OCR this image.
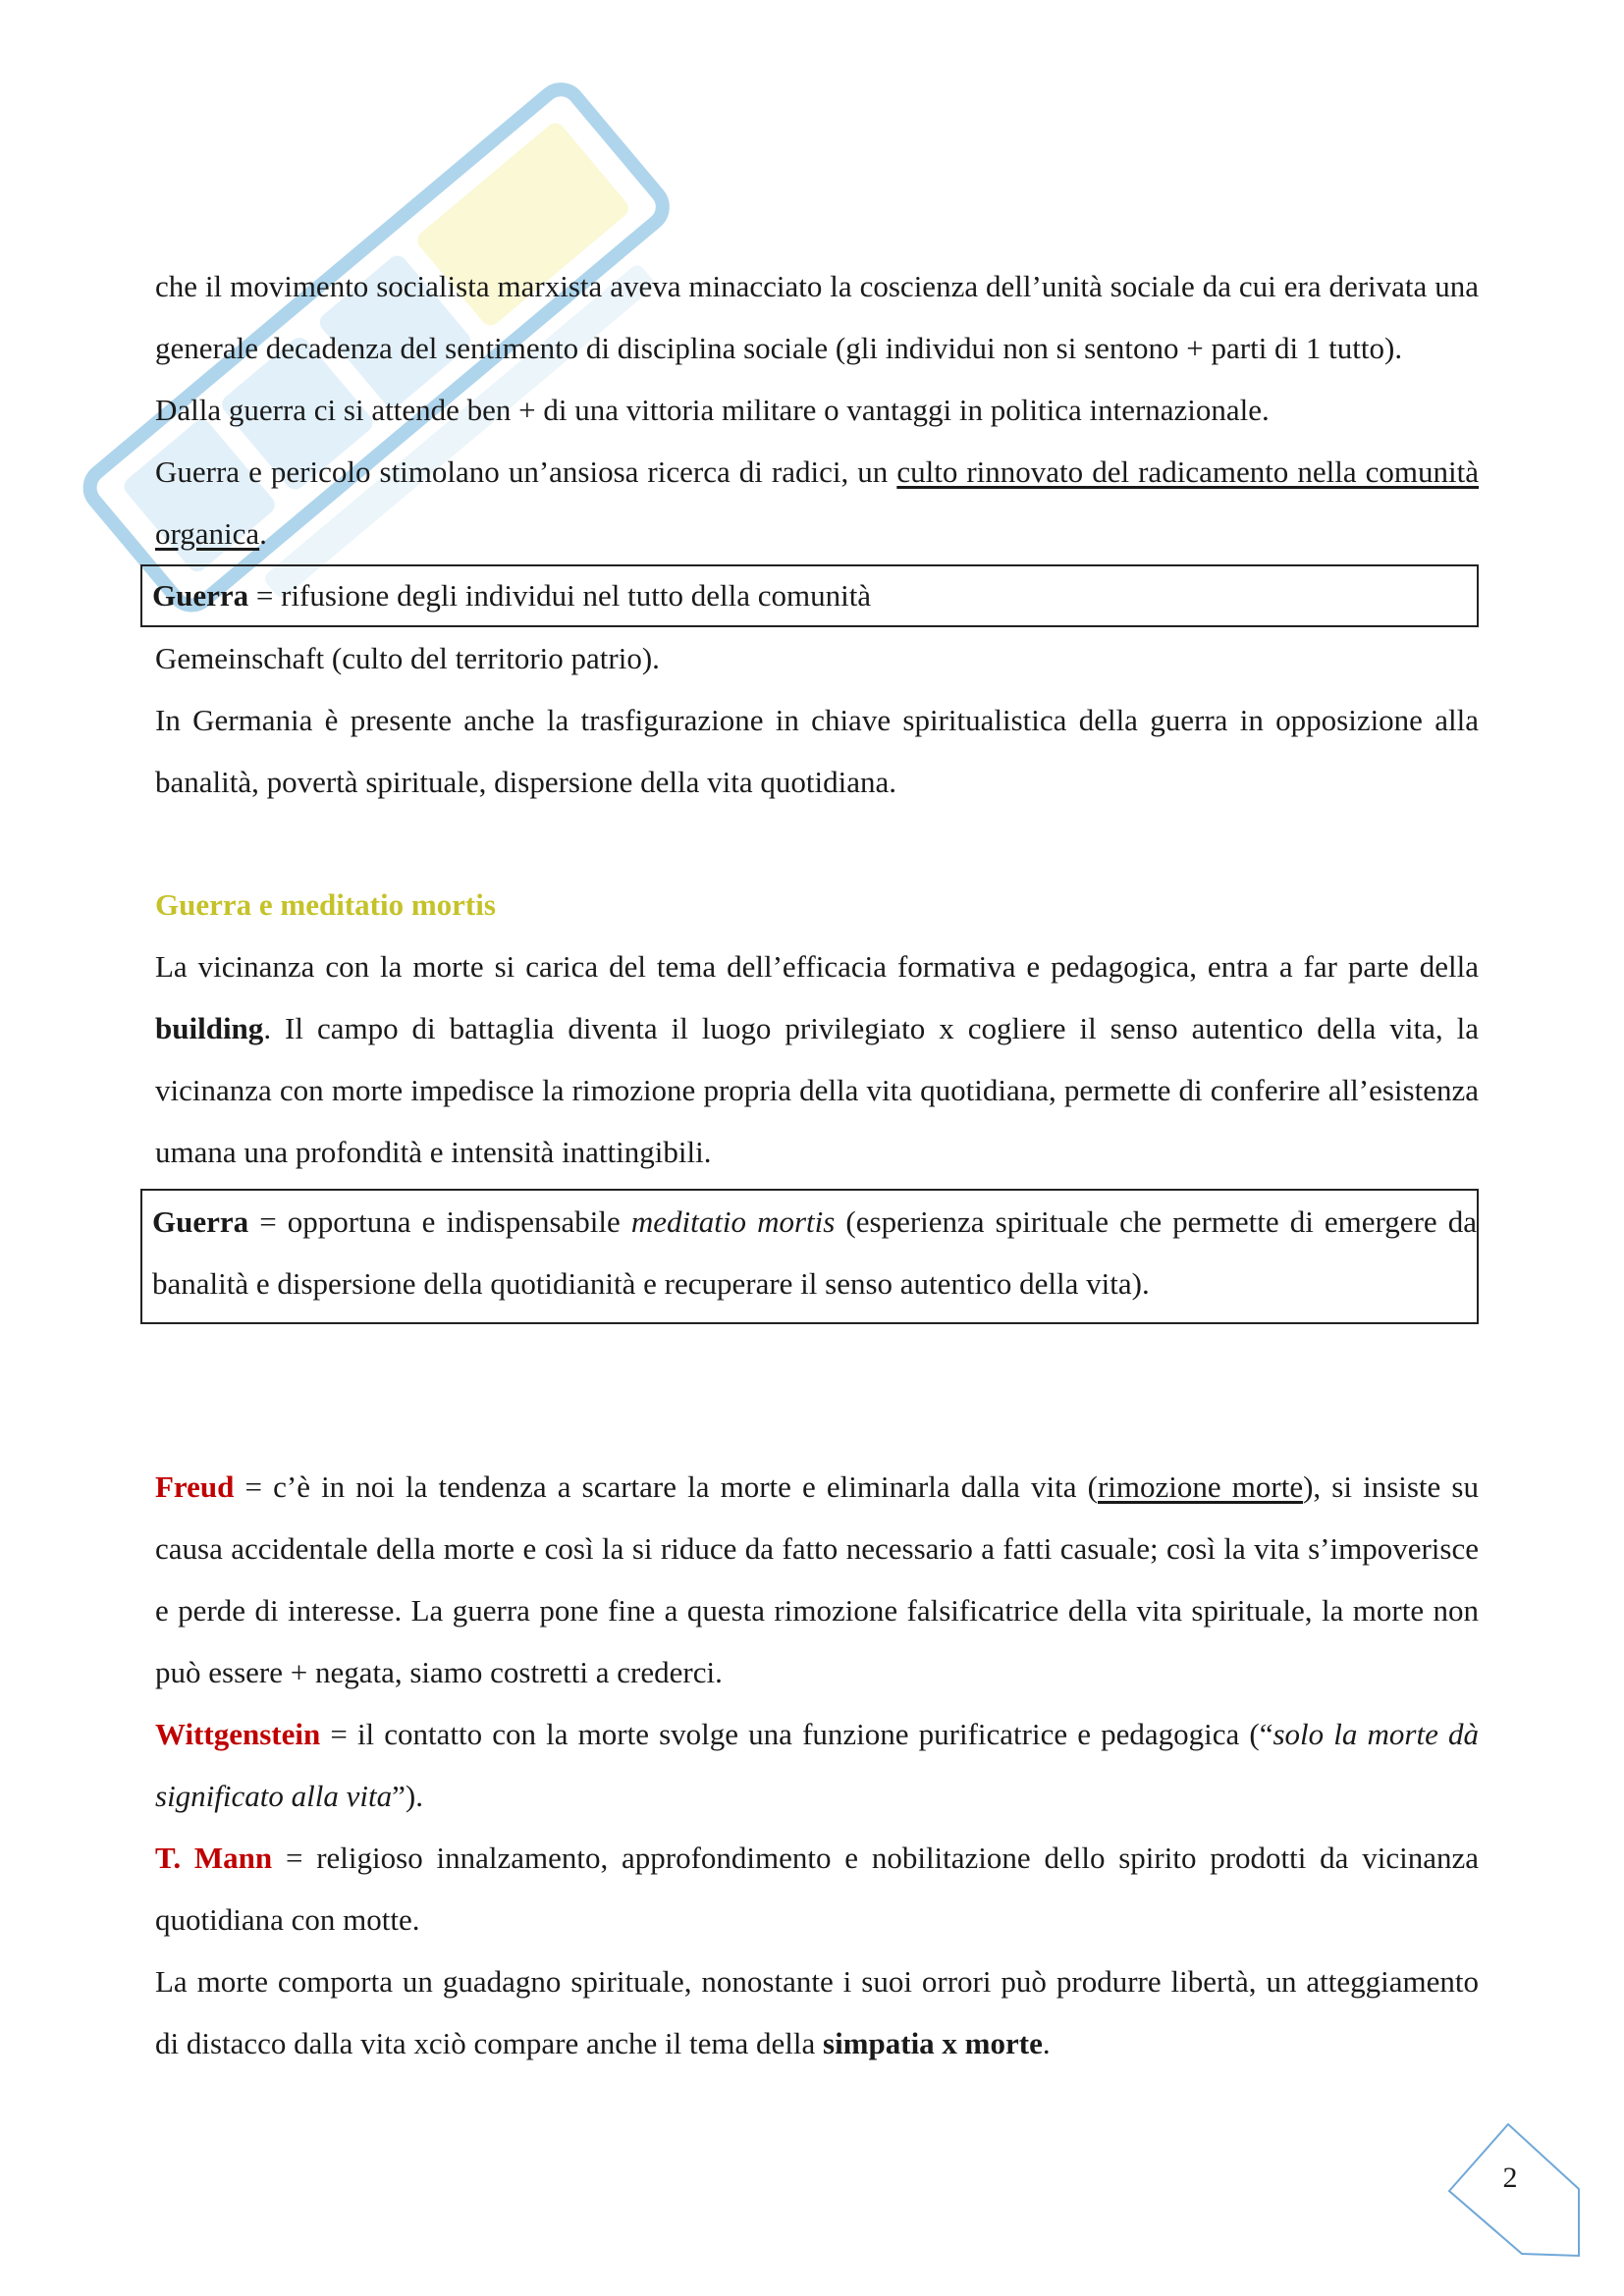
che il movimento socialista marxista aveva minacciato la coscienza dell’unità sociale da cui era derivata una generale decadenza del sentimento di disciplina sociale (gli individui non si sentono + parti di 1 tutto).

Dalla guerra ci si attende ben + di una vittoria militare o vantaggi in politica internazionale.

Guerra e pericolo stimolano un’ansiosa ricerca di radici, un culto rinnovato del radicamento nella comunità organica.

Guerra = rifusione degli individui nel tutto della comunità

Gemeinschaft (culto del territorio patrio).

In Germania è presente anche la trasfigurazione in chiave spiritualistica della guerra in opposizione alla banalità, povertà spirituale, dispersione della vita quotidiana.

Guerra e meditatio mortis

La vicinanza con la morte si carica del tema dell’efficacia formativa e pedagogica, entra a far parte della building. Il campo di battaglia diventa il luogo privilegiato x cogliere il senso autentico della vita, la vicinanza con morte impedisce la rimozione propria della vita quotidiana, permette di conferire all’esistenza umana una profondità e intensità inattingibili.

Guerra = opportuna e indispensabile meditatio mortis (esperienza spirituale che permette di emergere da banalità e dispersione della quotidianità e recuperare il senso autentico della vita).

Freud = c’è in noi la tendenza a scartare la morte e eliminarla dalla vita (rimozione morte), si insiste su causa accidentale della morte e così la si riduce da fatto necessario a fatti casuale; così la vita s’impoverisce e perde di interesse. La guerra pone fine a questa rimozione falsificatrice della vita spirituale, la morte non può essere + negata, siamo costretti a crederci.

Wittgenstein = il contatto con la morte svolge una funzione purificatrice e pedagogica (“solo la morte dà significato alla vita”).

T. Mann = religioso innalzamento, approfondimento e nobilitazione dello spirito prodotti da vicinanza quotidiana con motte.

La morte comporta un guadagno spirituale, nonostante i suoi orrori può produrre libertà, un atteggiamento di distacco dalla vita xciò compare anche il tema della simpatia x morte.

2
